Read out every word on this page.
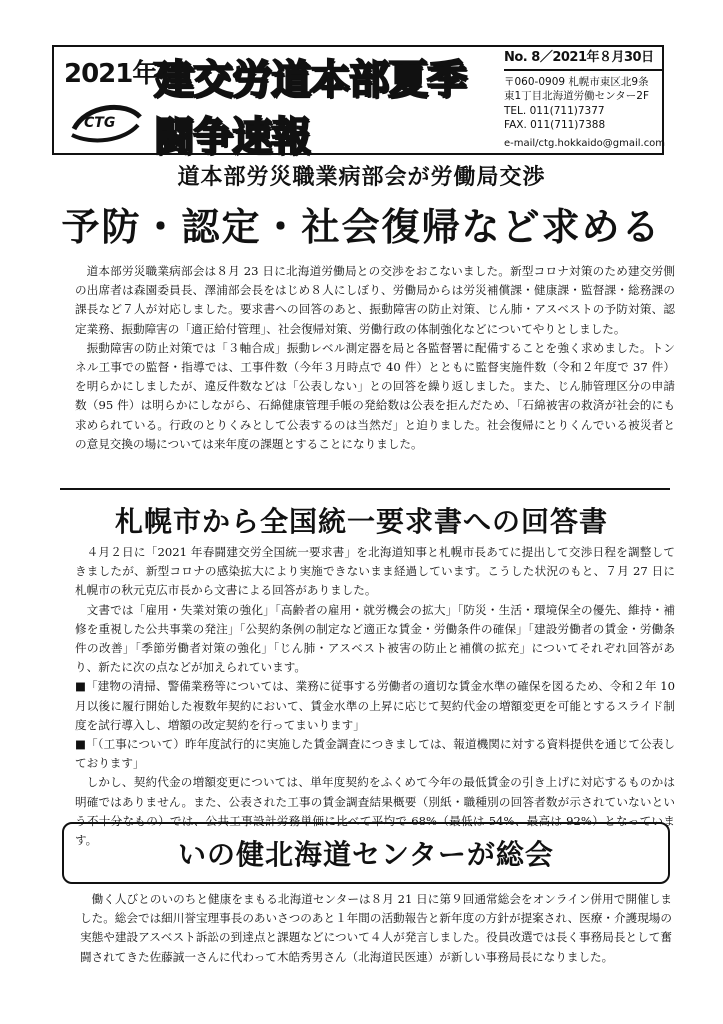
2021年
CTG
建交労道本部夏季闘争速報
No. 8／2021年８月30日
〒060-0909 札幌市東区北9条
東1丁目北海道労働センター2F
TEL. 011(711)7377
FAX. 011(711)7388
e-mail/ctg.hokkaido@gmail.com
道本部労災職業病部会が労働局交渉
予防・認定・社会復帰など求める

道本部労災職業病部会は８月 23 日に北海道労働局との交渉をおこないました。新型コロナ対策のため建交労側の出席者は森園委員長、澤浦部会長をはじめ８人にしぼり、労働局からは労災補償課・健康課・監督課・総務課の課長など７人が対応しました。要求書への回答のあと、振動障害の防止対策、じん肺・アスベストの予防対策、認定業務、振動障害の「適正給付管理」、社会復帰対策、労働行政の体制強化などについてやりとしました。

振動障害の防止対策では「３軸合成」振動レベル測定器を局と各監督署に配備することを強く求めました。トンネル工事での監督・指導では、工事件数（今年３月時点で 40 件）とともに監督実施件数（令和２年度で 37 件）を明らかにしましたが、違反件数などは「公表しない」との回答を繰り返しました。また、じん肺管理区分の申請数（95 件）は明らかにしながら、石綿健康管理手帳の発給数は公表を拒んだため、「石綿被害の救済が社会的にも求められている。行政のとりくみとして公表するのは当然だ」と迫りました。社会復帰にとりくんでいる被災者との意見交換の場については来年度の課題とすることになりました。

札幌市から全国統一要求書への回答書

４月２日に「2021 年春闘建交労全国統一要求書」を北海道知事と札幌市長あてに提出して交渉日程を調整してきましたが、新型コロナの感染拡大により実施できないまま経過しています。こうした状況のもと、７月 27 日に札幌市の秋元克広市長から文書による回答がありました。

文書では「雇用・失業対策の強化」「高齢者の雇用・就労機会の拡大」「防災・生活・環境保全の優先、維持・補修を重視した公共事業の発注」「公契約条例の制定など適正な賃金・労働条件の確保」「建設労働者の賃金・労働条件の改善」「季節労働者対策の強化」「じん肺・アスベスト被害の防止と補償の拡充」についてそれぞれ回答があり、新たに次の点などが加えられています。

■「建物の清掃、警備業務等については、業務に従事する労働者の適切な賃金水準の確保を図るため、令和２年 10 月以後に履行開始した複数年契約において、賃金水準の上昇に応じて契約代金の増額変更を可能とするスライド制度を試行導入し、増額の改定契約を行ってまいります」

■「（工事について）昨年度試行的に実施した賃金調査につきましては、報道機関に対する資料提供を通じて公表しております」

しかし、契約代金の増額変更については、単年度契約をふくめて今年の最低賃金の引き上げに対応するものかは明確ではありません。また、公表された工事の賃金調査結果概要（別紙・職種別の回答者数が示されていないという不十分なもの）では、公共工事設計労務単価に比べて平均で 68%（最低は 54%、最高は 92%）となっています。	いの健北海道センターが総会

働く人びとのいのちと健康をまもる北海道センターは８月 21 日に第９回通常総会をオンライン併用で開催しました。総会では細川誉宝理事長のあいさつのあと１年間の活動報告と新年度の方針が提案され、医療・介護現場の実態や建設アスベスト訴訟の到達点と課題などについて４人が発言しました。役員改選では長く事務局長として奮闘されてきた佐藤誠一さんに代わって木皓秀男さん（北海道民医連）が新しい事務局長になりました。
